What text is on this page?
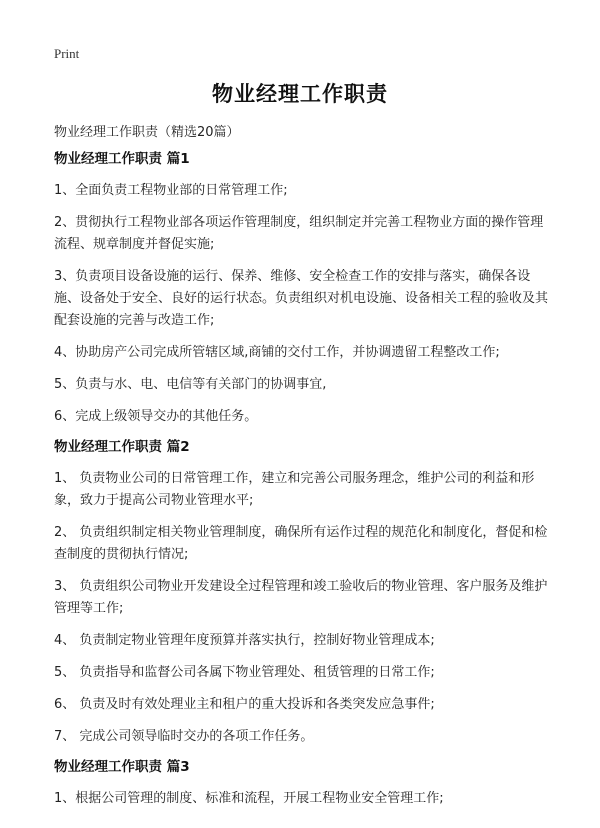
Print
物业经理工作职责
物业经理工作职责（精选20篇）
物业经理工作职责 篇1

1、全面负责工程物业部的日常管理工作;

2、贯彻执行工程物业部各项运作管理制度，组织制定并完善工程物业方面的操作管理流程、规章制度并督促实施;

3、负责项目设备设施的运行、保养、维修、安全检查工作的安排与落实，确保各设施、设备处于安全、良好的运行状态。负责组织对机电设施、设备相关工程的验收及其配套设施的完善与改造工作;

4、协助房产公司完成所管辖区域,商铺的交付工作，并协调遗留工程整改工作;

5、负责与水、电、电信等有关部门的协调事宜,

6、完成上级领导交办的其他任务。

物业经理工作职责 篇2

1、 负责物业公司的日常管理工作，建立和完善公司服务理念，维护公司的利益和形象，致力于提高公司物业管理水平;

2、 负责组织制定相关物业管理制度，确保所有运作过程的规范化和制度化，督促和检查制度的贯彻执行情况;

3、 负责组织公司物业开发建设全过程管理和竣工验收后的物业管理、客户服务及维护管理等工作;

4、 负责制定物业管理年度预算并落实执行，控制好物业管理成本;

5、 负责指导和监督公司各属下物业管理处、租赁管理的日常工作;

6、 负责及时有效处理业主和租户的重大投诉和各类突发应急事件;

7、 完成公司领导临时交办的各项工作任务。

物业经理工作职责 篇3

1、根据公司管理的制度、标准和流程，开展工程物业安全管理工作;
